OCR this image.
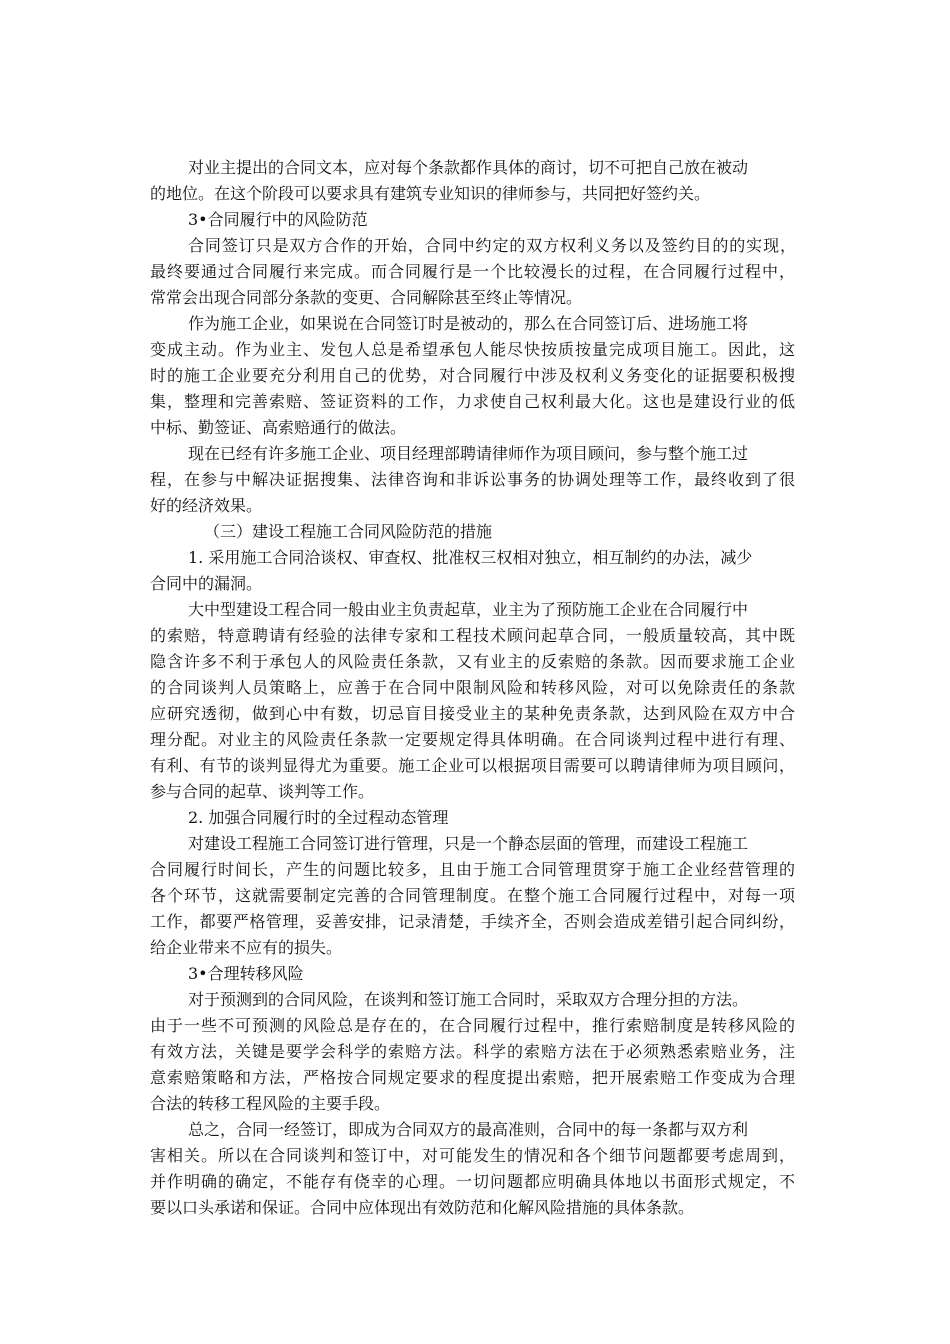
对业主提出的合同文本，应对每个条款都作具体的商讨，切不可把自己放在被动
的地位。在这个阶段可以要求具有建筑专业知识的律师参与，共同把好签约关。
3•合同履行中的风险防范
合同签订只是双方合作的开始，合同中约定的双方权利义务以及签约目的的实现，
最终要通过合同履行来完成。而合同履行是一个比较漫长的过程，在合同履行过程中，
常常会出现合同部分条款的变更、合同解除甚至终止等情况。
作为施工企业，如果说在合同签订时是被动的，那么在合同签订后、进场施工将
变成主动。作为业主、发包人总是希望承包人能尽快按质按量完成项目施工。因此，这
时的施工企业要充分利用自己的优势，对合同履行中涉及权利义务变化的证据要积极搜
集，整理和完善索赔、签证资料的工作，力求使自己权利最大化。这也是建设行业的低
中标、勤签证、高索赔通行的做法。
现在已经有许多施工企业、项目经理部聘请律师作为项目顾问，参与整个施工过
程，在参与中解决证据搜集、法律咨询和非诉讼事务的协调处理等工作，最终收到了很
好的经济效果。
（三）建设工程施工合同风险防范的措施
1. 采用施工合同洽谈权、审查权、批准权三权相对独立，相互制约的办法，减少
合同中的漏洞。
大中型建设工程合同一般由业主负责起草，业主为了预防施工企业在合同履行中
的索赔，特意聘请有经验的法律专家和工程技术顾问起草合同，一般质量较高，其中既
隐含许多不利于承包人的风险责任条款，又有业主的反索赔的条款。因而要求施工企业
的合同谈判人员策略上，应善于在合同中限制风险和转移风险，对可以免除责任的条款
应研究透彻，做到心中有数，切忌盲目接受业主的某种免责条款，达到风险在双方中合
理分配。对业主的风险责任条款一定要规定得具体明确。在合同谈判过程中进行有理、
有利、有节的谈判显得尤为重要。施工企业可以根据项目需要可以聘请律师为项目顾问，
参与合同的起草、谈判等工作。
2. 加强合同履行时的全过程动态管理
对建设工程施工合同签订进行管理，只是一个静态层面的管理，而建设工程施工
合同履行时间长，产生的问题比较多，且由于施工合同管理贯穿于施工企业经营管理的
各个环节，这就需要制定完善的合同管理制度。在整个施工合同履行过程中，对每一项
工作，都要严格管理，妥善安排，记录清楚，手续齐全，否则会造成差错引起合同纠纷，
给企业带来不应有的损失。
3•合理转移风险
对于预测到的合同风险，在谈判和签订施工合同时，采取双方合理分担的方法。
由于一些不可预测的风险总是存在的，在合同履行过程中，推行索赔制度是转移风险的
有效方法，关键是要学会科学的索赔方法。科学的索赔方法在于必须熟悉索赔业务，注
意索赔策略和方法，严格按合同规定要求的程度提出索赔，把开展索赔工作变成为合理
合法的转移工程风险的主要手段。
总之，合同一经签订，即成为合同双方的最高准则，合同中的每一条都与双方利
害相关。所以在合同谈判和签订中，对可能发生的情况和各个细节问题都要考虑周到，
并作明确的确定，不能存有侥幸的心理。一切问题都应明确具体地以书面形式规定，不
要以口头承诺和保证。合同中应体现出有效防范和化解风险措施的具体条款。
